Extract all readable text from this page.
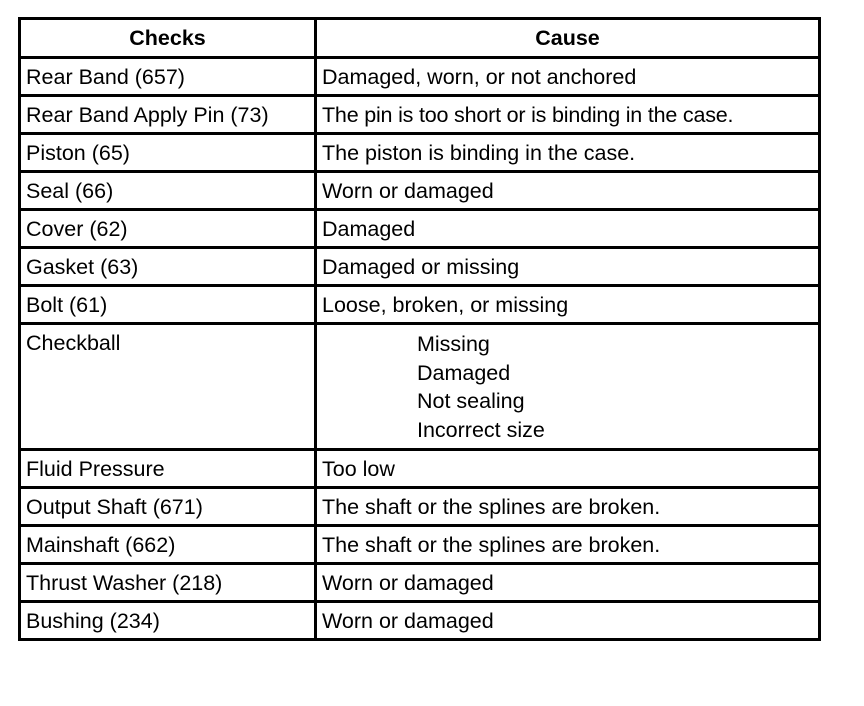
Checks	Cause
Rear Band (657)	Damaged, worn, or not anchored
Rear Band Apply Pin (73)	The pin is too short or is binding in the case.
Piston (65)	The piston is binding in the case.
Seal (66)	Worn or damaged
Cover (62)	Damaged
Gasket (63)	Damaged or missing
Bolt (61)	Loose, broken, or missing
Checkball	Missing
Damaged
Not sealing
Incorrect size

Fluid Pressure	Too low
Output Shaft (671)	The shaft or the splines are broken.
Mainshaft (662)	The shaft or the splines are broken.
Thrust Washer (218)	Worn or damaged
Bushing (234)	Worn or damaged
